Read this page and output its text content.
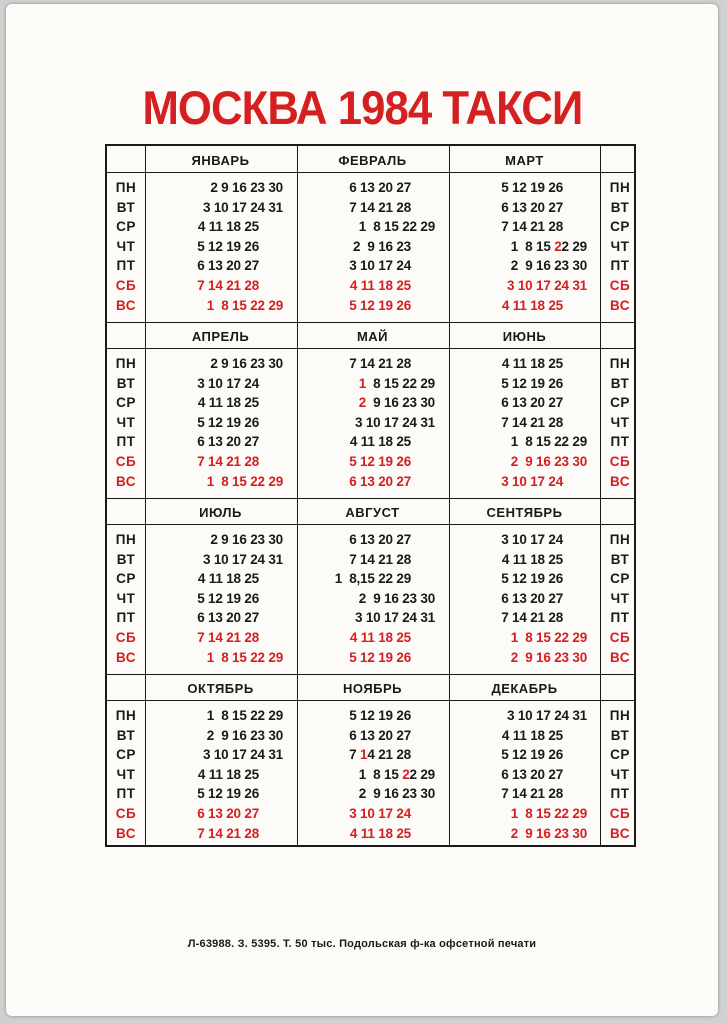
МОСКВА 1984 ТАКСИ
ПН
ВТ
СР
ЧТ
ПТ
СБ
ВС
ПН
ВТ
СР
ЧТ
ПТ
СБ
ВС
ЯНВАРЬ
2 9 16 23 30
3 10 17 24 31
4 11 18 25
5 12 19 26
6 13 20 27
7 14 21 28
1  8 15 22 29
ФЕВРАЛЬ
6 13 20 27
7 14 21 28
1  8 15 22 29
2  9 16 23
3 10 17 24
4 11 18 25
5 12 19 26
МАРТ
5 12 19 26
6 13 20 27
7 14 21 28
1  8 15 22 29
2  9 16 23 30
3 10 17 24 31
4 11 18 25
ПН
ВТ
СР
ЧТ
ПТ
СБ
ВС
ПН
ВТ
СР
ЧТ
ПТ
СБ
ВС
АПРЕЛЬ
2 9 16 23 30
3 10 17 24
4 11 18 25
5 12 19 26
6 13 20 27
7 14 21 28
1  8 15 22 29
МАЙ
7 14 21 28
1  8 15 22 29
2  9 16 23 30
3 10 17 24 31
4 11 18 25
5 12 19 26
6 13 20 27
ИЮНЬ
4 11 18 25
5 12 19 26
6 13 20 27
7 14 21 28
1  8 15 22 29
2  9 16 23 30
3 10 17 24
ПН
ВТ
СР
ЧТ
ПТ
СБ
ВС
ПН
ВТ
СР
ЧТ
ПТ
СБ
ВС
ИЮЛЬ
2 9 16 23 30
3 10 17 24 31
4 11 18 25
5 12 19 26
6 13 20 27
7 14 21 28
1  8 15 22 29
АВГУСТ
6 13 20 27
7 14 21 28
1  8,15 22 29
2  9 16 23 30
3 10 17 24 31
4 11 18 25
5 12 19 26
СЕНТЯБРЬ
3 10 17 24
4 11 18 25
5 12 19 26
6 13 20 27
7 14 21 28
1  8 15 22 29
2  9 16 23 30
ПН
ВТ
СР
ЧТ
ПТ
СБ
ВС
ПН
ВТ
СР
ЧТ
ПТ
СБ
ВС
ОКТЯБРЬ
1  8 15 22 29
2  9 16 23 30
3 10 17 24 31
4 11 18 25
5 12 19 26
6 13 20 27
7 14 21 28
НОЯБРЬ
5 12 19 26
6 13 20 27
7 14 21 28
1  8 15 22 29
2  9 16 23 30
3 10 17 24
4 11 18 25
ДЕКАБРЬ
3 10 17 24 31
4 11 18 25
5 12 19 26
6 13 20 27
7 14 21 28
1  8 15 22 29
2  9 16 23 30
Л-63988. З. 5395. Т. 50 тыс. Подольская ф-ка офсетной печати
